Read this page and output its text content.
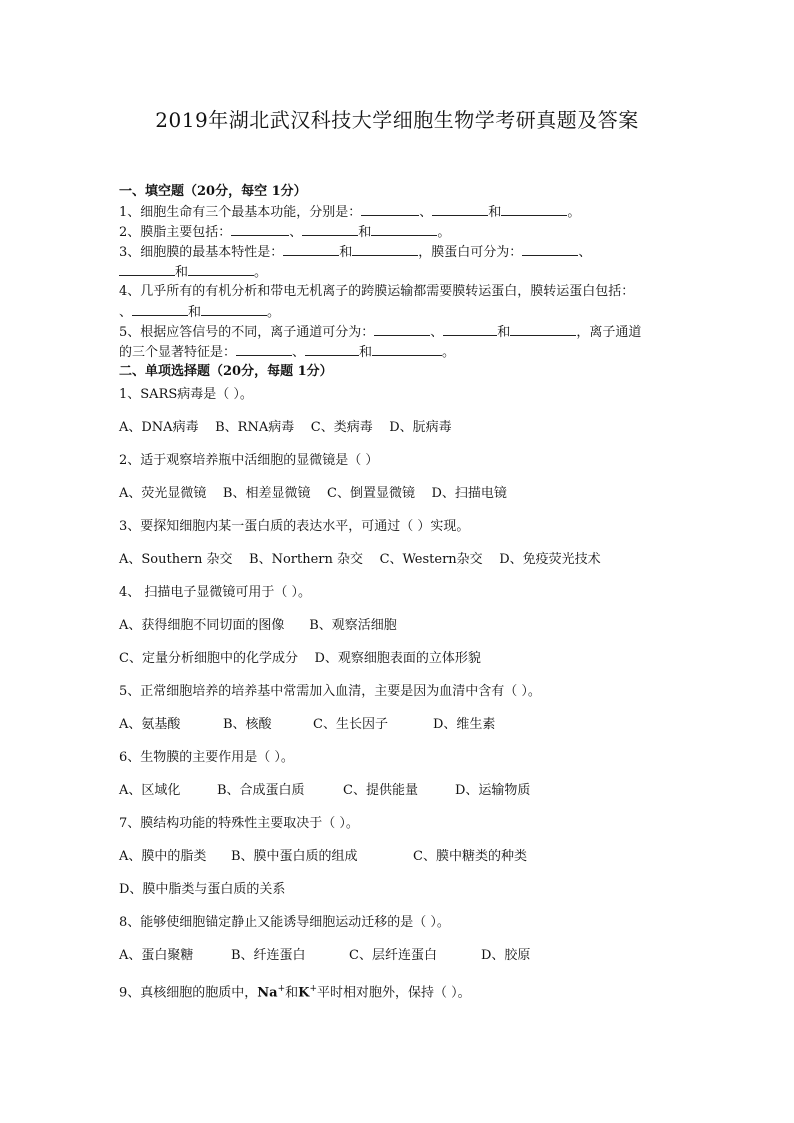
2019年湖北武汉科技大学细胞生物学考研真题及答案
一、填空题（20分，每空 1分）
1、细胞生命有三个最基本功能，分别是：	、	和	。
2、膜脂主要包括：	、	和	。
3、细胞膜的最基本特性是：	和	，膜蛋白可分为：	、
和	。
4、几乎所有的有机分析和带电无机离子的跨膜运输都需要膜转运蛋白，膜转运蛋白包括：
、	和	。
5、根据应答信号的不同，离子通道可分为：	、	和	，离子通道
的三个显著特征是：	、	和	。
二、单项选择题（20分，每题 1分）
1、SARS病毒是（ ）。
A、DNA病毒 B、RNA病毒 C、类病毒 D、朊病毒
2、适于观察培养瓶中活细胞的显微镜是（ ）
A、荧光显微镜 B、相差显微镜 C、倒置显微镜 D、扫描电镜
3、要探知细胞内某一蛋白质的表达水平，可通过（ ）实现。
A、Southern 杂交 B、Northern 杂交 C、Western杂交 D、免疫荧光技术
4、 扫描电子显微镜可用于（ ）。
A、获得细胞不同切面的图像 B、观察活细胞
C、定量分析细胞中的化学成分 D、观察细胞表面的立体形貌
5、正常细胞培养的培养基中常需加入血清，主要是因为血清中含有（ ）。
A、氨基酸	B、核酸	C、生长因子	D、维生素
6、生物膜的主要作用是（ ）。
A、区域化	B、合成蛋白质	C、提供能量	D、运输物质
7、膜结构功能的特殊性主要取决于（ ）。
A、膜中的脂类 B、膜中蛋白质的组成	C、膜中糖类的种类
D、膜中脂类与蛋白质的关系
8、能够使细胞锚定静止又能诱导细胞运动迁移的是（ ）。
A、蛋白聚糖	B、纤连蛋白	C、层纤连蛋白	D、胶原
9、真核细胞的胞质中，Na+和K+平时相对胞外，保持（ ）。
